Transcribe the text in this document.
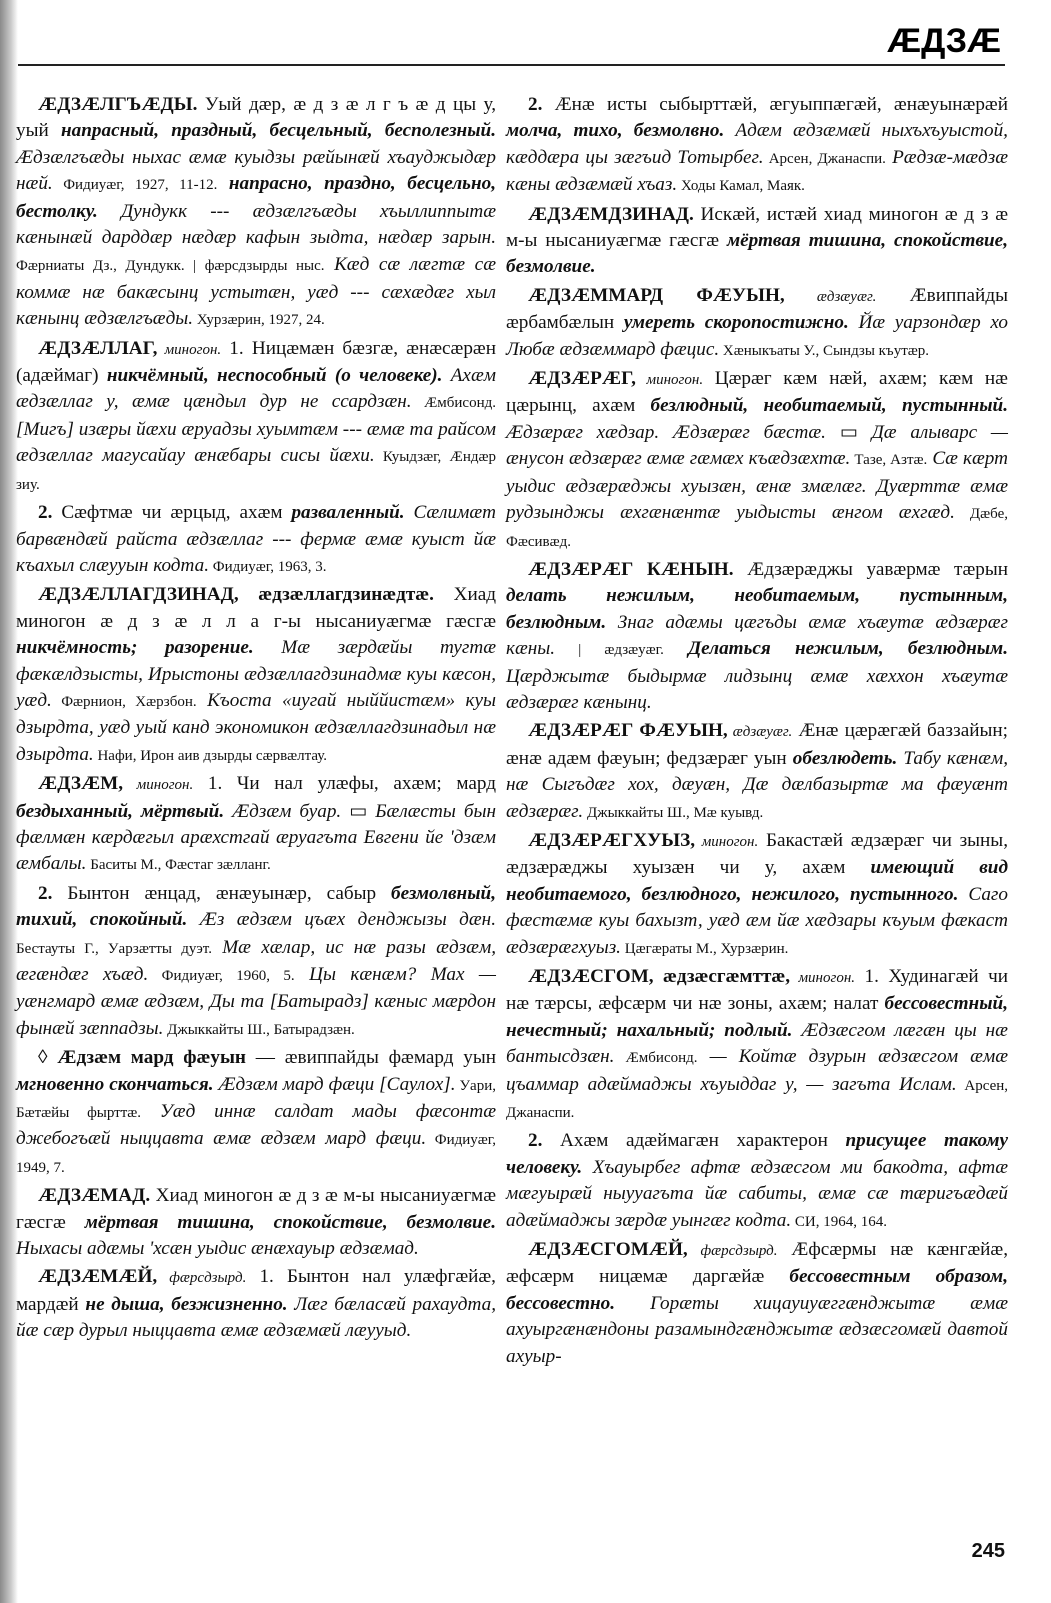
ÆДЗÆ

ÆДЗÆЛГЪÆДЫ. Уый дæр, æ д з æ л г ъ æ д цы у, уый напрасный, праздный, бесцельный, бесполезный. Æдзæлгъæды ныхас æмæ куыдзы рæйынæй хъауджыдæр нæй. Фидиуæг, 1927, 11-12. напрасно, праздно, бесцельно, бестолку. Дундукк --- æдзæлгъæды хъыллиппытæ кæнынæй дарддæр нæдæр кафын зыдта, нæдæр зарын. Фæрниаты Дз., Дундукк. | фæрсдзырды ныс. Кæд сæ лæгтæ сæ коммæ нæ бакæсынц устытæн, уæд --- сæхæдæг хыл кæнынц æдзæлгъæды. Хурзæрин, 1927, 24.

ÆДЗÆЛЛАГ, миногон. 1. Ницæмæн бæзгæ, æнæсæрæн (адæймаг) никчёмный, неспособный (о человеке). Ахæм æдзæллаг у, æмæ цæндыл дур не ссардзæн. Æмбисонд. [Мигъ] изæры йæхи æруадзы хуымтæм --- æмæ та райсом æдзæллаг магусайау æнæбары сисы йæхи. Куыдзæг, Æндæр зиу.

2. Сæфтмæ чи æрцыд, ахæм разваленный. Сæлимæт барвæндæй райста æдзæллаг --- фермæ æмæ куыст йæ къахыл слæууын кодта. Фидиуæг, 1963, 3.

ÆДЗÆЛЛАГДЗИНАД, æдзæллагдзинæдтæ. Хиад миногон æ д з æ л л а г-ы нысаниуæгмæ гæсгæ никчёмность; разорение. Мæ зæрдæйы тугтæ фæкæлдзысты, Ирыстоны æдзæллагдзинадмæ куы кæсон, уæд. Фæрнион, Хæрзбон. Къоста «иугай ныййистæм» куы дзырдта, уæд уый канд экономикон æдзæллагдзинадыл нæ дзырдта. Нафи, Ирон аив дзырды сæрвæлтау.

ÆДЗÆМ, миногон. 1. Чи нал улæфы, ахæм; мард бездыханный, мёртвый. Æдзæм буар. ▭ Бæлæсты бын фæлмæн кæрдæгыл арæхстгай æруагъта Евгени йе 'дзæм æмбалы. Баситы М., Фæстаг зæлланг.

2. Бынтон æнцад, æнæуынæр, сабыр безмолвный, тихий, спокойный. Æз æдзæм цъæх денджызы дæн. Бестауты Г., Уарзæтты дуэт. Мæ хæлар, ис нæ разы æдзæм, æгæндæг хъæд. Фидиуæг, 1960, 5. Цы кæнæм? Мах — уæнгмард æмæ æдзæм, Ды та [Батырадз] кæныс мæрдон фынæй зæппадзы. Джыккайты Ш., Батырадзæн.

◊ Æдзæм мард фæуын — æвиппайды фæмард уын мгновенно скончаться. Æдзæм мард фæци [Саулох]. Уари, Бæтæйы фырттæ. Уæд иннæ салдат мады фæсонтæ джебогъæй ныццавта æмæ æдзæм мард фæци. Фидиуæг, 1949, 7.

ÆДЗÆМАД. Хиад миногон æ д з æ м-ы нысаниуæгмæ гæсгæ мёртвая тишина, спокойствие, безмолвие. Ныхасы адæмы 'хсæн уыдис æнæхауыр æдзæмад.

ÆДЗÆМÆЙ, фæрсдзырд. 1. Бынтон нал улæфгæйæ, мардæй не дыша, безжизненно. Лæг бæласæй рахаудта, йæ сæр дурыл ныццавта æмæ æдзæмæй лæууыд.

2. Æнæ исты сыбырттæй, æгуыппæгæй, æнæуынæрæй молча, тихо, безмолвно. Адæм æдзæмæй ныхъхъуыстой, кæддæра цы зæгъид Тотырбег. Арсен, Джанаспи. Рæдзæ-мæдзæ кæны æдзæмæй хъаз. Ходы Камал, Маяк.

ÆДЗÆМДЗИНАД. Искæй, истæй хиад миногон æ д з æ м-ы нысаниуæгмæ гæсгæ мёртвая тишина, спокойствие, безмолвие.

ÆДЗÆММАРД ФÆУЫН, æдзæуæг. Æвиппайды æрбамбæлын умереть скоропостижно. Йæ уарзондæр хо Любæ æдзæммард фæцис. Хæныкъаты У., Сындзы къутæр.

ÆДЗÆРÆГ, миногон. Цæрæг кæм нæй, ахæм; кæм нæ цæрынц, ахæм безлюдный, необитаемый, пустынный. Æдзæрæг хæдзар. Æдзæрæг бæстæ. ▭ Дæ алыварс — æнусон æдзæрæг æмæ гæмæх къæдзæхтæ. Тазе, Азтæ. Сæ кæрт уыдис æдзæрæджы хуызæн, æнæ змæлæг. Дуæрттæ æмæ рудзынджы æхгæнæнтæ уыдысты æнгом æхгæд. Дæбе, Фæсивæд.

ÆДЗÆРÆГ КÆНЫН. Æдзæрæджы уавæрмæ тæрын делать нежилым, необитаемым, пустынным, безлюдным. Знаг адæмы цæгъды æмæ хъæутæ æдзæрæг кæны. | æдзæуæг. Делаться нежилым, безлюдным. Цæрджытæ быдырмæ лидзынц æмæ хæххон хъæутæ æдзæрæг кæнынц.

ÆДЗÆРÆГ ФÆУЫН, æдзæуæг. Æнæ цæрæгæй баззайын; æнæ адæм фæуын; федзæрæг уын обезлюдеть. Табу кæнæм, нæ Сыгъдæг хох, дæуæн, Дæ дæлбазыртæ ма фæуæнт æдзæрæг. Джыккайты Ш., Мæ куывд.

ÆДЗÆРÆГХУЫЗ, миногон. Бакастæй æдзæрæг чи зыны, æдзæрæджы хуызæн чи у, ахæм имеющий вид необитаемого, безлюдного, нежилого, пустынного. Саго фæстæмæ куы бахызт, уæд æм йæ хæдзары къуым фæкаст æдзæрæгхуыз. Цæгæраты М., Хурзæрин.

ÆДЗÆСГОМ, æдзæсгæмттæ, миногон. 1. Худинагæй чи нæ тæрсы, æфсæрм чи нæ зоны, ахæм; налат бессовестный, нечестный; нахальный; подлый. Æдзæсгом лæгæн цы нæ бантысдзæн. Æмбисонд. — Койтæ дзурын æдзæсгом æмæ цъаммар адæймаджы хъуыддаг у, — загъта Ислам. Арсен, Джанаспи.

2. Ахæм адæймагæн характерон присущее такому человеку. Хъауырбег афтæ æдзæсгом ми бакодта, афтæ мæгуырæй ныууагъта йæ сабиты, æмæ сæ тæригъæдæй адæймаджы зæрдæ уынгæг кодта. СИ, 1964, 164.

ÆДЗÆСГОМÆЙ, фæрсдзырд. Æфсæрмы нæ кæнгæйæ, æфсæрм ницæмæ даргæйæ бессовестным образом, бессовестно. Горæты хицауиуæггæнджытæ æмæ ахуыргæнæндоны разамындгæнджытæ æдзæсгомæй давтой ахуыр-

245
